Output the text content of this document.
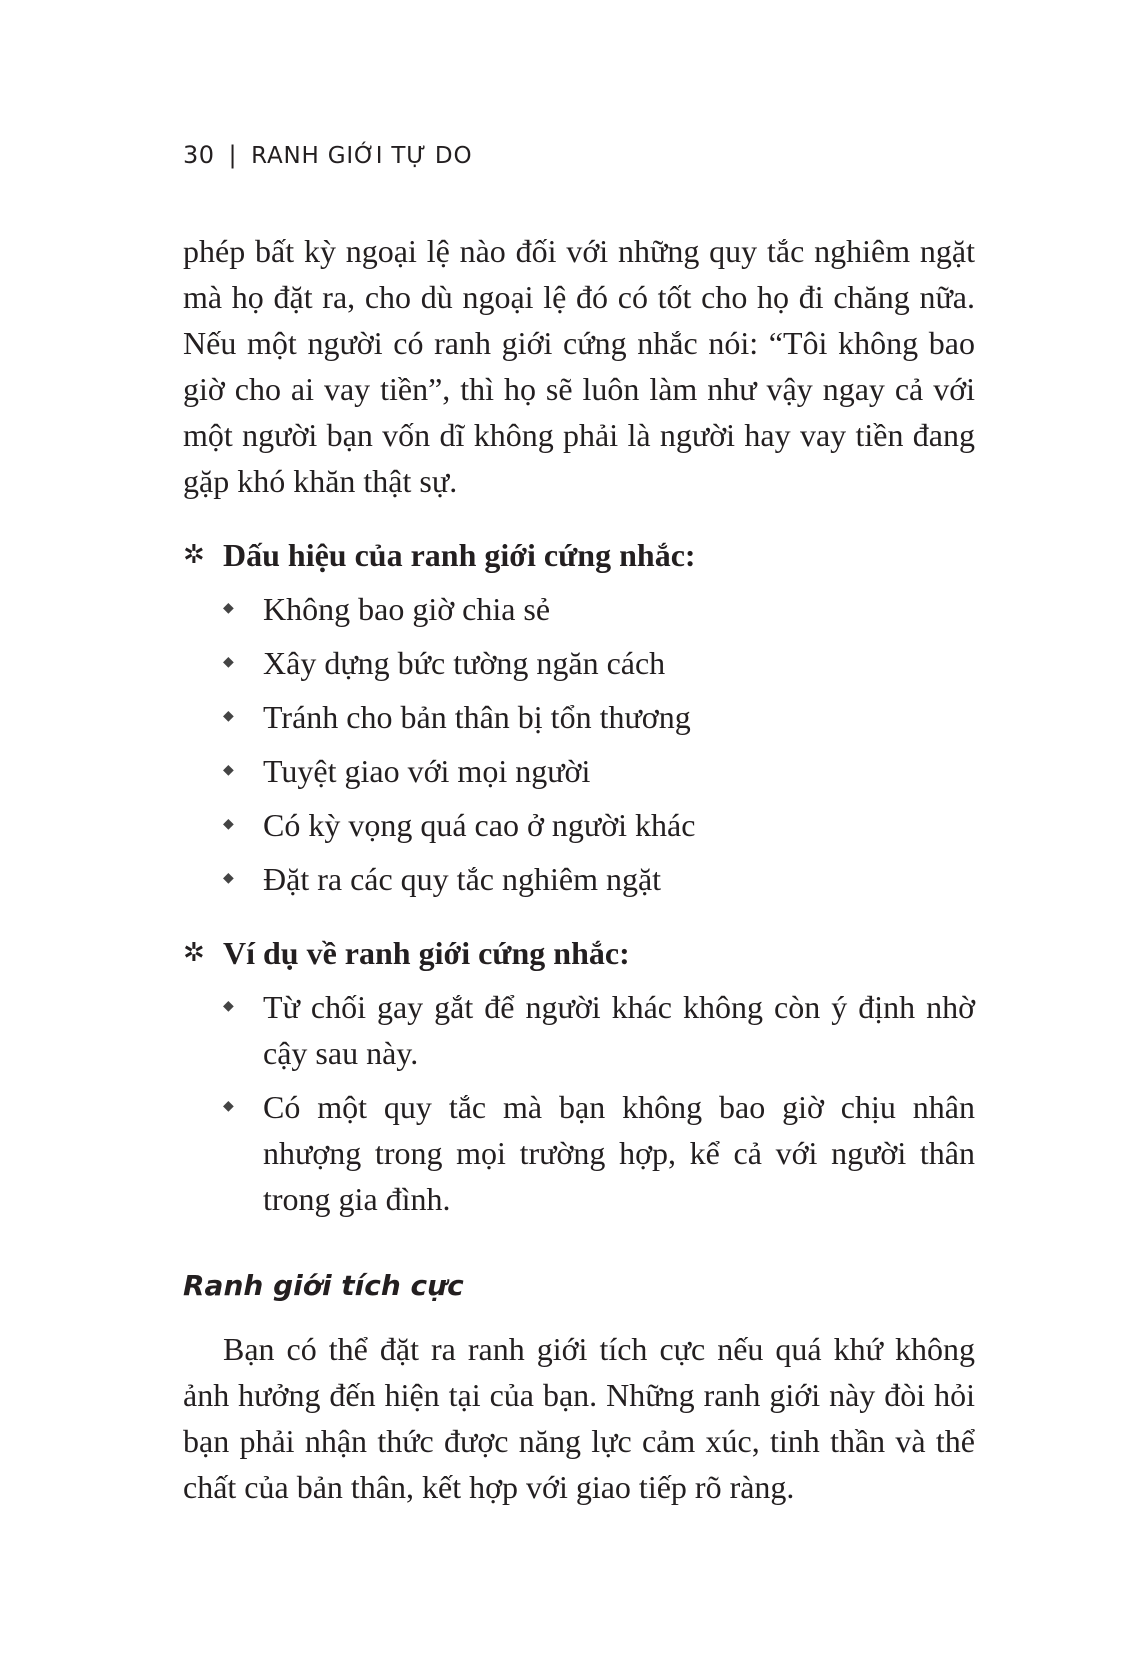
30 | RANH GIỚI TỰ DO

phép bất kỳ ngoại lệ nào đối với những quy tắc nghiêm ngặt mà họ đặt ra, cho dù ngoại lệ đó có tốt cho họ đi chăng nữa. Nếu một người có ranh giới cứng nhắc nói: “Tôi không bao giờ cho ai vay tiền”, thì họ sẽ luôn làm như vậy ngay cả với một người bạn vốn dĩ không phải là người hay vay tiền đang gặp khó khăn thật sự.

✲ Dấu hiệu của ranh giới cứng nhắc:
◆ Không bao giờ chia sẻ
◆ Xây dựng bức tường ngăn cách
◆ Tránh cho bản thân bị tổn thương
◆ Tuyệt giao với mọi người
◆ Có kỳ vọng quá cao ở người khác
◆ Đặt ra các quy tắc nghiêm ngặt
✲ Ví dụ về ranh giới cứng nhắc:
◆ Từ chối gay gắt để người khác không còn ý định nhờ cậy sau này.
◆ Có một quy tắc mà bạn không bao giờ chịu nhân nhượng trong mọi trường hợp, kể cả với người thân trong gia đình.
Ranh giới tích cực

Bạn có thể đặt ra ranh giới tích cực nếu quá khứ không ảnh hưởng đến hiện tại của bạn. Những ranh giới này đòi hỏi bạn phải nhận thức được năng lực cảm xúc, tinh thần và thể chất của bản thân, kết hợp với giao tiếp rõ ràng.
